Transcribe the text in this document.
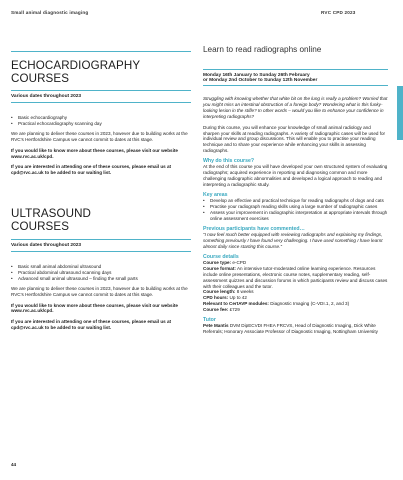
Small animal diagnostic imaging	RVC CPD 2023
ECHOCARDIOGRAPHY
COURSES
Various dates throughout 2023
• Basic echocardiography
• Practical echocardiography scanning day

We are planning to deliver these courses in 2023, however due to building works at the RVC's Hertfordshire Campus we cannot commit to dates at this stage.

If you would like to know more about these courses, please visit our website www.rvc.ac.uk/cpd.

If you are interested in attending one of these courses, please email us at cpd@rvc.ac.uk to be added to our waiting list.

ULTRASOUND
COURSES
Various dates throughout 2023
• Basic small animal abdominal ultrasound
• Practical abdominal ultrasound scanning days
• Advanced small animal ultrasound – finding the small parts

We are planning to deliver these courses in 2023, however due to building works at the RVC's Hertfordshire Campus we cannot commit to dates at this stage.

If you would like to know more about these courses, please visit our website www.rvc.ac.uk/cpd.

If you are interested in attending one of these courses, please email us at cpd@rvc.ac.uk to be added to our waiting list.

Learn to read radiographs online
Monday 16th January to Sunday 26th February
or Monday 2nd October to Sunday 12th November

Struggling with knowing whether that white bit on the lung is really a problem? Worried that you might miss an intestinal obstruction of a foreign body? Wondering what is this funky-looking lesion in the stifle? In other words – would you like to enhance your confidence in interpreting radiographs?

During this course, you will enhance your knowledge of small animal radiology and sharpen your skills at reading radiographs. A variety of radiographic cases will be used for individual review and group discussions. This will enable you to practise your reading technique and to share your experience while enhancing your skills in assessing radiographs.

Why do this course?

At the end of this course you will have developed your own structured system of evaluating radiographs; acquired experience in reporting and diagnosing common and more challenging radiographic abnormalities and developed a logical approach to reading and interpreting a radiographic study.

Key areas
• Develop an effective and practical technique for reading radiographs of dogs and cats
• Practise your radiograph reading skills using a large number of radiographic cases
• Assess your improvement in radiographic interpretation at appropriate intervals through online assessment exercises
Previous participants have commented…

"I now feel much better equipped with reviewing radiographs and explaining my findings, something previously I have found very challenging. I have used something I have learnt almost daily since starting this course."

Course details

Course type: e-CPD

Course format: An intensive tutor-moderated online learning experience. Resources include online presentations, electronic course notes, supplementary reading, self-assessment quizzes and discussion forums in which participants review and discuss cases with their colleagues and the tutor.

Course length: 8 weeks

CPD hours: Up to 42

Relevant to CertAVP modules: Diagnostic Imaging (C-VDI.1, 2, and 3)

Course fee: £729

Tutor

Pete Mantis DVM DipECVDI FHEA FRCVS, Head of Diagnostic Imaging, Dick White Referrals; Honorary Associate Professor of Diagnostic Imaging, Nottingham University

44
